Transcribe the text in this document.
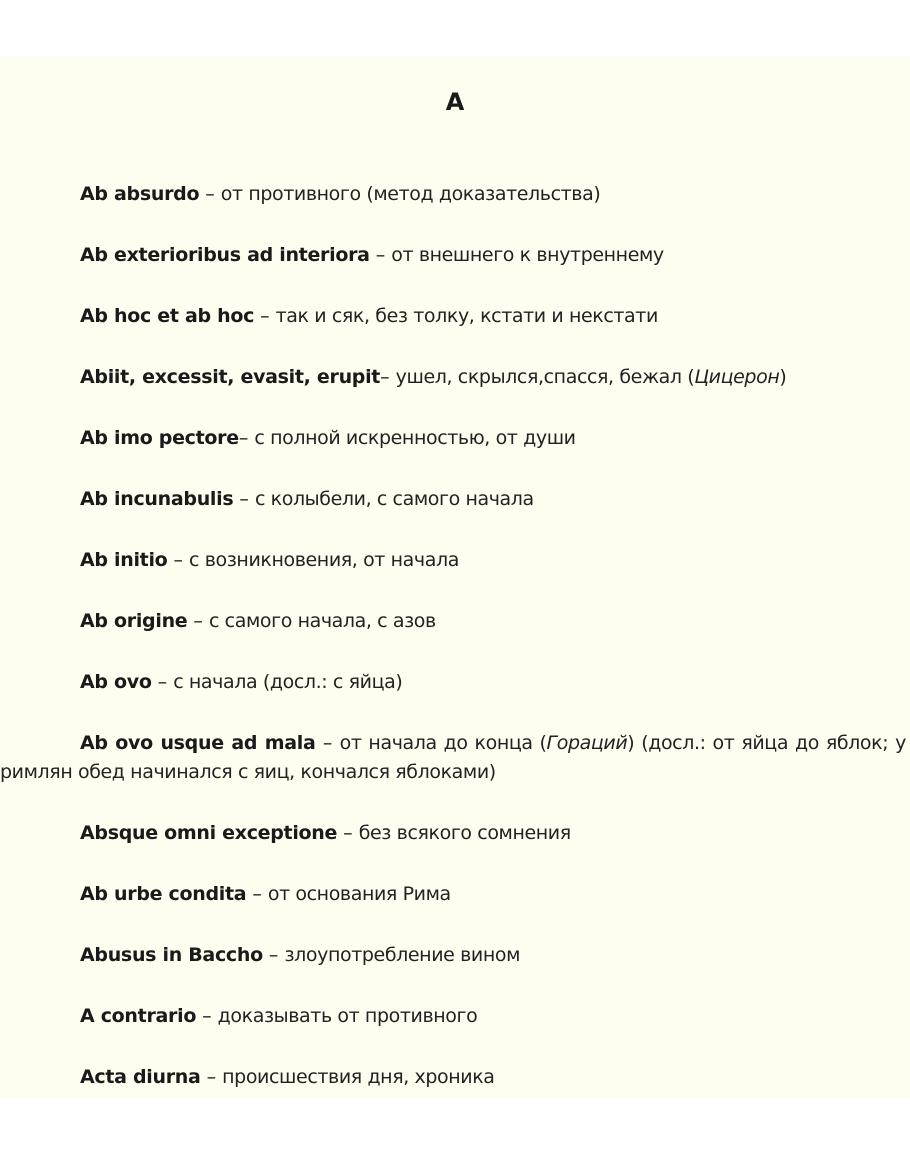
A

Ab absurdo – от противного (метод доказательства)

Ab exterioribus ad interiora – от внешнего к внутреннему

Ab hoc et ab hoc – так и сяк, без толку, кстати и некстати

Abiit, excessit, evasit, erupit– ушел, скрылся,спасся, бежал (Цицерон)

Ab imo pectore– с полной искренностью, от души

Ab incunabulis – с колыбели, с самого начала

Ab initio – с возникновения, от начала

Ab origine – с самого начала, с азов

Ab ovo – с начала (досл.: с яйца)

Ab ovo usque ad mala – от начала до конца (Гораций) (досл.: от яйца до яблок; у римлян обед начинался с яиц, кончался яблоками)

Absque omni exceptione – без всякого сомнения

Ab urbe condita – от основания Рима

Abusus in Baccho – злоупотребление вином

A contrario – доказывать от противного

Acta diurna – происшествия дня, хроника
